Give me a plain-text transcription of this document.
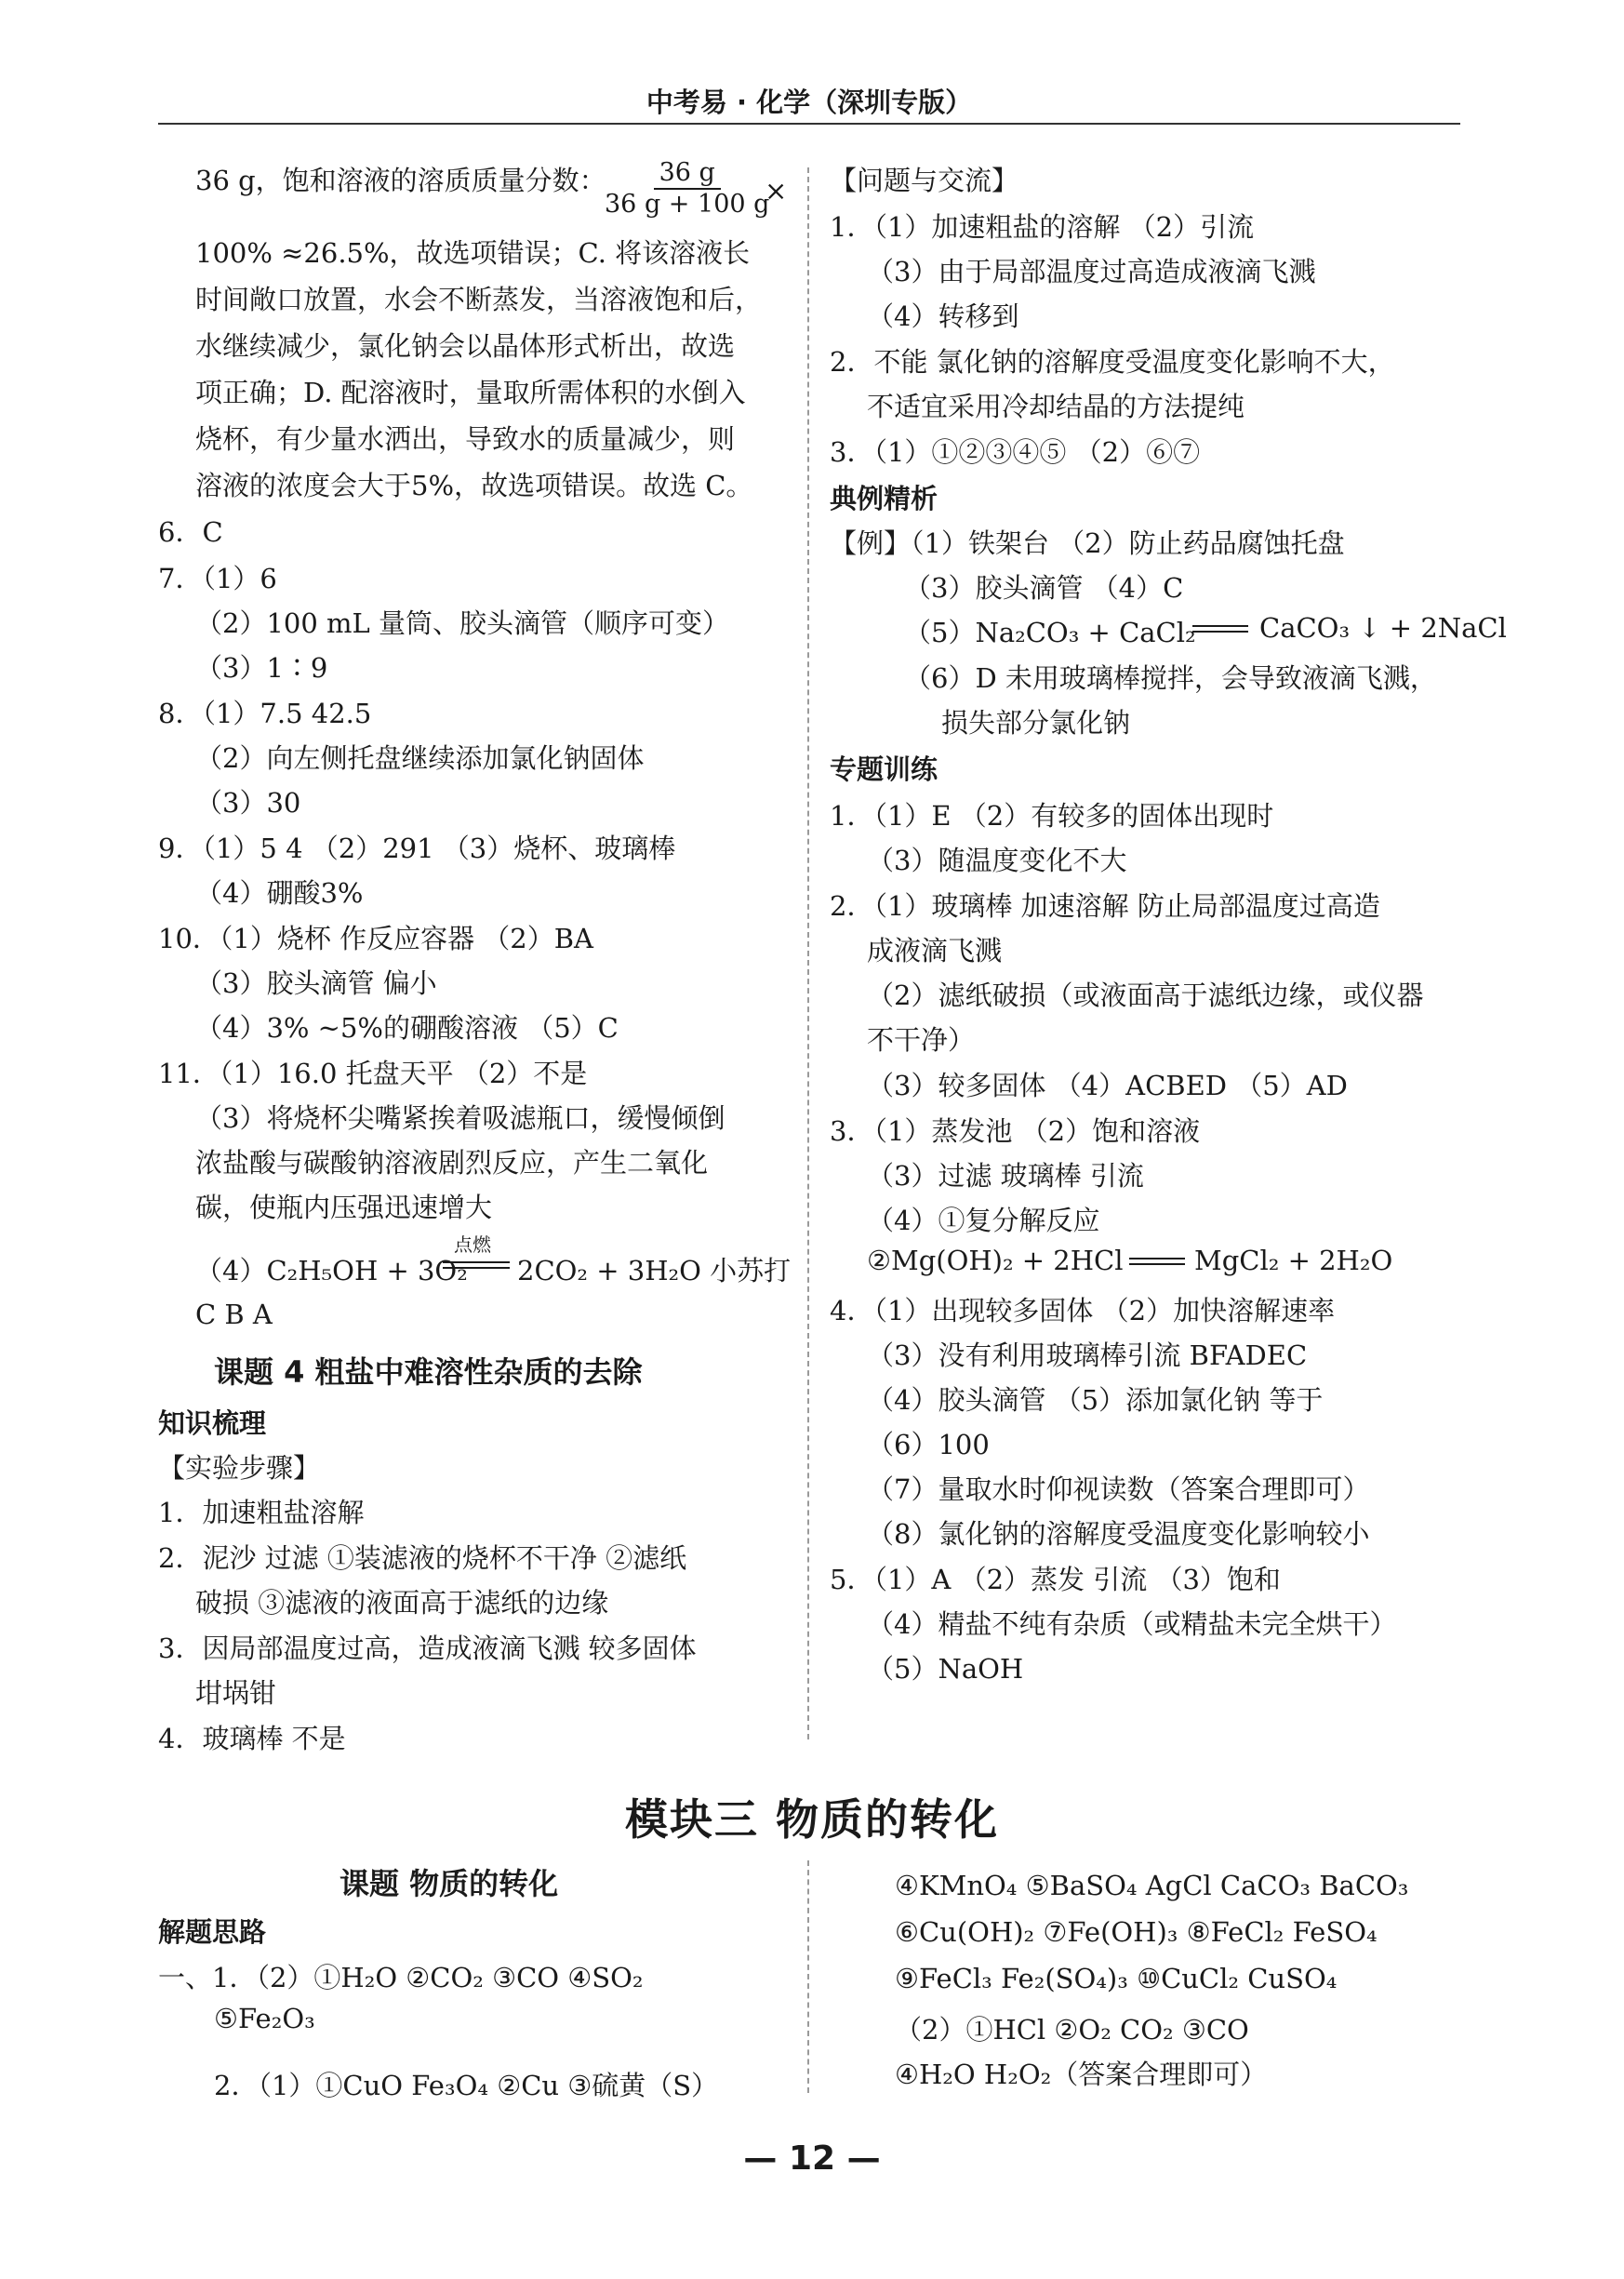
中考易 · 化学（深圳专版）
36 g，饱和溶液的溶质质量分数：
$\frac{36 g}{36 g + 100 g}$
×
100% ≈26.5%，故选项错误；C. 将该溶液长
时间敞口放置，水会不断蒸发，当溶液饱和后，
水继续减少，氯化钠会以晶体形式析出，故选
项正确；D. 配溶液时，量取所需体积的水倒入
烧杯，有少量水洒出，导致水的质量减少，则
溶液的浓度会大于5%，故选项错误。故选 C。
6．C
7．（1）6
（2）100 mL 量筒、胶头滴管（顺序可变）
（3）1∶9
8．（1）7.5 42.5
（2）向左侧托盘继续添加氯化钠固体
（3）30
9．（1）5 4 （2）291 （3）烧杯、玻璃棒
（4）硼酸3%
10．（1）烧杯 作反应容器 （2）BA
（3）胶头滴管 偏小
（4）3% ~5%的硼酸溶液 （5）C
11．（1）16.0 托盘天平 （2）不是
（3）将烧杯尖嘴紧挨着吸滤瓶口，缓慢倾倒
浓盐酸与碳酸钠溶液剧烈反应，产生二氧化
碳，使瓶内压强迅速增大
（4）C₂H₅OH + 3O₂
点燃
2CO₂ + 3H₂O 小苏打
C B A
课题 4 粗盐中难溶性杂质的去除
知识梳理
【实验步骤】
1．加速粗盐溶解
2．泥沙 过滤 ①装滤液的烧杯不干净 ②滤纸
破损 ③滤液的液面高于滤纸的边缘
3．因局部温度过高，造成液滴飞溅 较多固体
坩埚钳
4．玻璃棒 不是
【问题与交流】
1．（1）加速粗盐的溶解 （2）引流
（3）由于局部温度过高造成液滴飞溅
（4）转移到
2．不能 氯化钠的溶解度受温度变化影响不大，
不适宜采用冷却结晶的方法提纯
3．（1）①②③④⑤ （2）⑥⑦
典例精析
【例】（1）铁架台 （2）防止药品腐蚀托盘
（3）胶头滴管 （4）C
（5）Na₂CO₃ + CaCl₂ CaCO₃ ↓ + 2NaCl
（6）D 未用玻璃棒搅拌，会导致液滴飞溅，
损失部分氯化钠
专题训练
1．（1）E （2）有较多的固体出现时
（3）随温度变化不大
2．（1）玻璃棒 加速溶解 防止局部温度过高造
成液滴飞溅
（2）滤纸破损（或液面高于滤纸边缘，或仪器
不干净）
（3）较多固体 （4）ACBED （5）AD
3．（1）蒸发池 （2）饱和溶液
（3）过滤 玻璃棒 引流
（4）①复分解反应
②Mg(OH)₂ + 2HCl	MgCl₂ + 2H₂O
4．（1）出现较多固体 （2）加快溶解速率
（3）没有利用玻璃棒引流 BFADEC
（4）胶头滴管 （5）添加氯化钠 等于
（6）100
（7）量取水时仰视读数（答案合理即可）
（8）氯化钠的溶解度受温度变化影响较小
5．（1）A （2）蒸发 引流 （3）饱和
（4）精盐不纯有杂质（或精盐未完全烘干）
（5）NaOH
模块三 物质的转化
课题 物质的转化
解题思路
一、1．（2）①H₂O ②CO₂ ③CO ④SO₂
⑤Fe₂O₃
2．（1）①CuO Fe₃O₄ ②Cu ③硫黄（S）
④KMnO₄ ⑤BaSO₄ AgCl CaCO₃ BaCO₃
⑥Cu(OH)₂ ⑦Fe(OH)₃ ⑧FeCl₂ FeSO₄
⑨FeCl₃ Fe₂(SO₄)₃ ⑩CuCl₂ CuSO₄
（2）①HCl ②O₂ CO₂ ③CO
④H₂O H₂O₂（答案合理即可）
— 12 —
